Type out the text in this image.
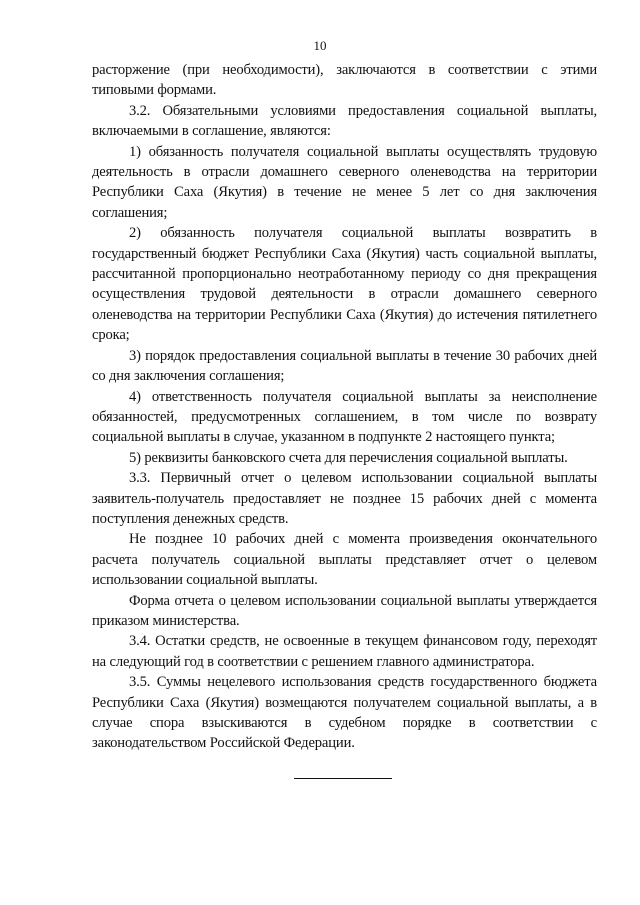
10

расторжение (при необходимости), заключаются в соответствии с этими типовыми формами.

3.2. Обязательными условиями предоставления социальной выплаты, включаемыми в соглашение, являются:

1) обязанность получателя социальной выплаты осуществлять трудовую деятельность в отрасли домашнего северного оленеводства на территории Республики Саха (Якутия) в течение не менее 5 лет со дня заключения соглашения;

2) обязанность получателя социальной выплаты возвратить в государственный бюджет Республики Саха (Якутия) часть социальной выплаты, рассчитанной пропорционально неотработанному периоду со дня прекращения осуществления трудовой деятельности в отрасли домашнего северного оленеводства на территории Республики Саха (Якутия) до истечения пятилетнего срока;

3) порядок предоставления социальной выплаты в течение 30 рабочих дней со дня заключения соглашения;

4) ответственность получателя социальной выплаты за неисполнение обязанностей, предусмотренных соглашением, в том числе по возврату социальной выплаты в случае, указанном в подпункте 2 настоящего пункта;

5) реквизиты банковского счета для перечисления социальной выплаты.

3.3. Первичный отчет о целевом использовании социальной выплаты заявитель-получатель предоставляет не позднее 15 рабочих дней с момента поступления денежных средств.

Не позднее 10 рабочих дней с момента произведения окончательного расчета получатель социальной выплаты представляет отчет о целевом использовании социальной выплаты.

Форма отчета о целевом использовании социальной выплаты утверждается приказом министерства.

3.4. Остатки средств, не освоенные в текущем финансовом году, переходят на следующий год в соответствии с решением главного администратора.

3.5. Суммы нецелевого использования средств государственного бюджета Республики Саха (Якутия) возмещаются получателем социальной выплаты, а в случае спора взыскиваются в судебном порядке в соответствии с законодательством Российской Федерации.
